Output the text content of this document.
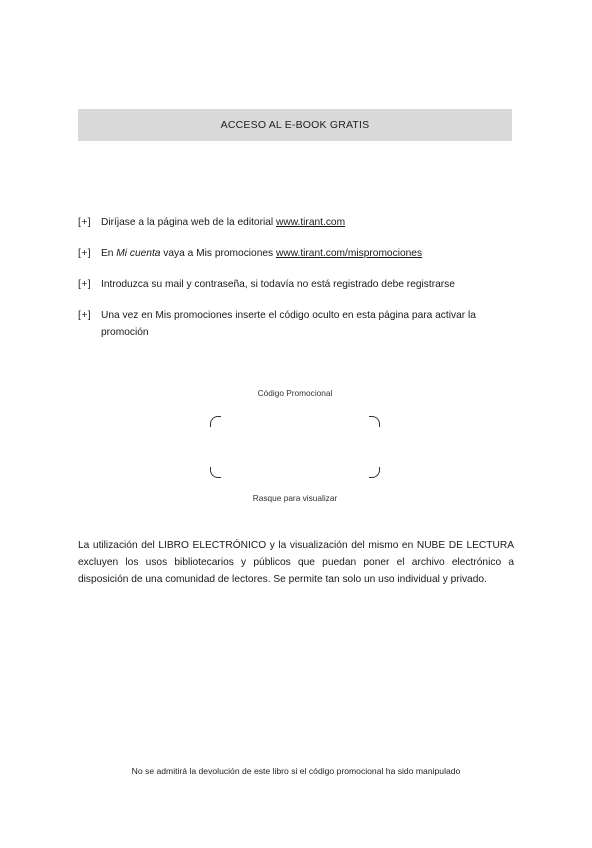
ACCESO AL E-BOOK GRATIS
[+] Diríjase a la página web de la editorial www.tirant.com
[+] En Mi cuenta vaya a Mis promociones www.tirant.com/mispromociones
[+] Introduzca su mail y contraseña, si todavía no está registrado debe registrarse
[+] Una vez en Mis promociones inserte el código oculto en esta página para activar la promoción
Código Promocional
Rasque para visualizar

La utilización del LIBRO ELECTRÓNICO y la visualización del mismo en NUBE DE LECTURA excluyen los usos bibliotecarios y públicos que puedan poner el archivo electrónico a disposición de una comunidad de lectores. Se permite tan solo un uso individual y privado.

No se admitirá la devolución de este libro si el código promocional ha sido manipulado
